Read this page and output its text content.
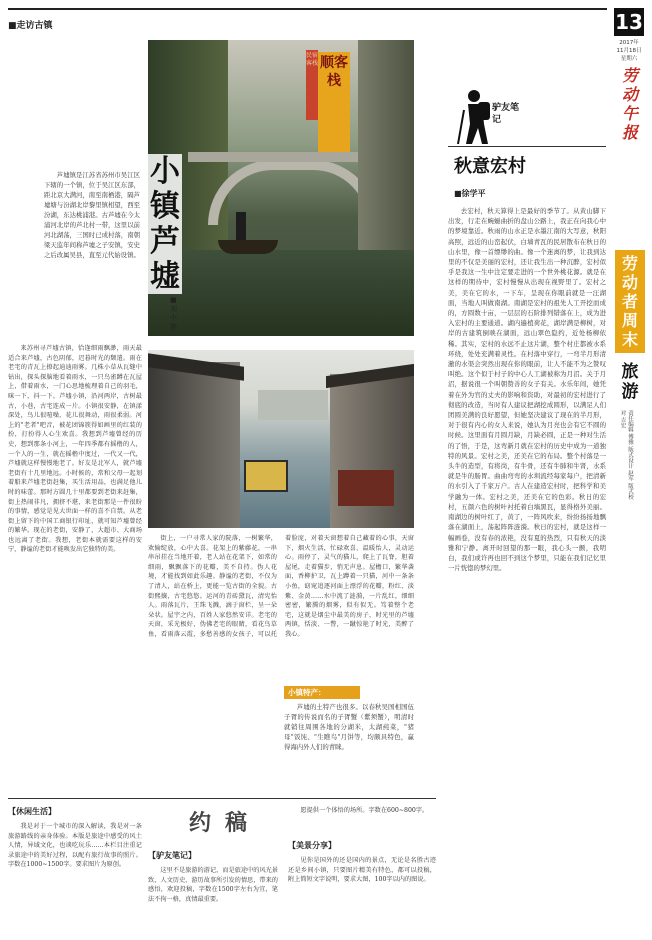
■走访古镇	13
2017年
11月18日
星期六
劳动午报
劳动者周末
旅游
责任编辑 傅雅 版式设计 赵军 版式校对 吉宏
顺客栈
民宿客栈
芦墟镇是江苏省苏州市吴江区下辖的一个镇，位于吴江区东部，距北京大满河，南至南栖港，隔芦墟塘与汾湖北岸黎里镇相望，西至汾湖，东达桃浦港。古芦墟在今太浦河北岸的芦北村一带，这里以前河北湖荡，三国时已成村落，南朝梁天监年间称芦墟之子安镇，安史之后改属吴县，直至元代始设镇。
小镇芦墟
■刘中艳
来苏州寻芦墟古镇，恰逢细雨飘渺，雨天最适合来芦墟，古色阴郁，迟暮时光的颓遣。雨在老宅的青瓦上撩起迪迪雨雾。几株小草从瓦缝中钻出，探头探脑地看着雨水，一只鸟雀蹲在瓦屋上，借着雨水，一门心思地梳理着自己的羽毛，咪一下，抖一下。芦墟小镇，沿河两岸，古树最古，小巷，古宅连成一片。小镇很安静，在镇漾深处，鸟儿很喧噪，花儿很舞动，雨很柔弱。河上的"老者"吧音，被花团锦簇得如画里的红装的扮，打扮得人心生欢喜。我想到芦墟曾经的历史，想到那条小河上，一年四季都有摇橹的人，一个人的一生，就在摇橹中度过，一代又一代，芦墟就这样慢慢地老了。好友是北军人，就芦墟老街有十几里地远。小时候的，常和父母一起划着船来芦墟老街赶集，买生活用品，也满足他儿时的味蕾。那时方圆几十里都要到老街来赶集，街上热闹非凡，拥挤不堪，来老街那是一件很盼的事情，感觉是见大世面一样的喜不自禁。从老街上留下的中国工商银行印址，就可知芦墟曾经的繁华。现在的老街，安静了，大超市、大商场也远离了老街。我想，老街本就需要这样的安宁，静谧的老街才能唤发出它独特的美。
街上，一户寻常人家的院落，一树繁华，欢愉绽放，心中大喜。花架上的紫藤花，一串串吊挂在当地开着，老人站在花架下，如常的细雨，飘飘落下的花瓣，美不自持。伪人花境，才能找到如此乐趣。静谧的老街，不仅为了清人，站在桥上，更能一览古街的全貌。古街熙攘，古宅悠悠。运河的青砖黛瓦，清宪怡人。雨落瓦片，王珠飞溅，滴于窗栏，呈一朵朵状。屋宇之内，百姓人家悠然安详。老宅的天窗，采光极好，伪佛老宅的眼睛，看花鸟草鱼，看雨落云霞，多愁善感的女孩子，可以托着脸庞，对着天窗想着自己藏着的心事，天窗下，烟火生活，忙碌欢喜，温暖怡人，灵动运心。雨停了，灵气的猫儿，爬上了瓦脊，胆着屋尾，走着猫步，悄无声息。屋檐口，繁华袭面，香柳护卫，瓦上蹲着一只猫，河中一条条小鱼，窈窕追逐河面上漂浮的花瓣，粉红、淡紫、金黄……水中流了涟漪，一片乱红，细细密密，繁腾的烟雾，似有似无。笃着整个老宅，这就是烟尘中最美的房子，时光里的芦墟两镇，恬淡、一瞥，一蹴惊艳了时光，美醉了我心。
小镇特产：
芦墟的土特产也很多。以春秋吴国相国伍子胥的传说而名的子胥蟹（紫须蟹），明清时就销往周围各地的分湖米，太湖莼菜，"猪母"饭饨、"生瞧鸟"月饼等，均颇具特色，赢得海内外人们的青睐。
驴友笔记
秋意宏村
■徐学平
去宏村，秋天算得上是最好的季节了。从黄山脚下出发，行走在蜿蜒曲折的盘山公路上，我正在向我心中的梦境靠近。秋雨的山水正是水墨江南的大写意，秋阳高照，远近的山峦起伏，白墙青瓦的民居散布在秋日的山水里，像一首缥缈的曲。像一个迷离的梦，让我到达里的不仅是美丽的宏村，还让我生出一种沉醉，宏村似乎是我这一生中注定要走进的一个世外桃花源。就是在这样的期待中，宏村慢慢从出现在视野里了。宏村之美，美在它的水，一下车，呈现在你眼前就是一汪湖面，当地人叫做南湖。南湖是宏村的祖先人工开挖而成的，方圆数十亩，一层层的石阶排列错落在上，成为进入宏村的主要通道。湖内遍植荷花，湖岸满是柳树，对岸的古建筑倒映在湖面，远山翠色隐约，近处杨柳依稀。其实，宏村的水远不止这片湖，整个村庄都被水系环绕，处处充满着灵性。在村落中穿行，一弯半月形清澈的水渠会突然出现在你的眼前，让人不能不为之赞叹叫绝。这个似于村子的中心人工湖被称为月沼。关于月沼，据说很一个叫朝赞善的女子有关。水乐年间，她凭着在外为官的丈夫的影响和资助，对最初的宏村进行了彻底的改造，当时有人建议把湖挖成圆形，以满足人们团圆美满的良好愿望，但她坚决建议了现在的半月形，对于很有内心的女人来说，她认为月亮也会有它不圆的时候。这里面有月圆月缺，月缺必圆，正是一种对生活的了悟，于是，这弯新月就在宏村的历史中成为一道独特的风景。宏村之美，还美在它的布局。整个村落是一头牛的造型，有将岗，有牛骨，还有牛肺和牛肾，水系就是牛的肠胃。曲曲弯弯的水圳流经每家每户，把清新的水引入了千家万户。古人在建造宏村时，把科学和美学融为一体。宏村之美，还美在它的色彩。秋日的宏村，五颜六色的树叶衬托着白墙黑瓦，显得格外美丽。南湖边的树叶红了，黄了，一阵风吹来，纷纷扬扬地飘落在湖面上，荡起阵阵涟漪。秋日的宏村，就是这样一幅画卷，没有春的浓艳，没有夏的热烈，只有秋天的淡雅和宁静。离开时回望的那一眼，我心头一颤，我明白，我们或许再也回不到这个梦里，只能在我们记忆里一片恍惚的梦幻里。
【休闲生活】
我是对于一个城市的深入解读，我是对一条旅游路线的亲身体验。本版是旅途中感受的风土人情，异域文化，也谈吃玩乐……本栏目注重记录旅途中的美好过程，以配有旅行故事的照片。字数在1000~1500字。要求图片为原创。
约稿
【驴友笔记】
这里不是旅游的游记，而是旅途中的风光景致，人文历史、游历故事所引发的情思，带来的感悟，欢迎投稿，字数在1500字左右为宜，笔法不拘一格，真情最重要。
愿提供一个体悟的场所。字数在600~800字。
【美景分享】
见你是国外的还是国内的景点，无论是名胜古迹还是乡间小镇，只要图片精美有特色，都可以投稿，附上简短文字说明，要求大图，100字以内的图说。
